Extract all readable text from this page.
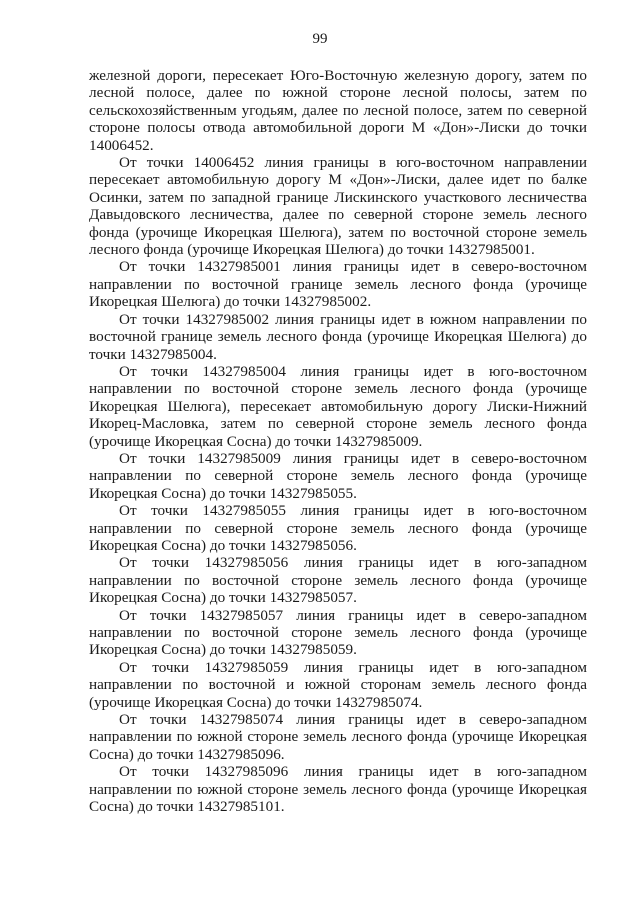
99

железной дороги, пересекает Юго-Восточную железную дорогу, затем по лесной полосе, далее по южной стороне лесной полосы, затем по сельскохозяйственным угодьям, далее по лесной полосе, затем по северной стороне полосы отвода автомобильной дороги М «Дон»-Лиски до точки 14006452.

От точки 14006452 линия границы в юго-восточном направлении пересекает автомобильную дорогу М «Дон»-Лиски, далее идет по балке Осинки, затем по западной границе Лискинского участкового лесничества Давыдовского лесничества, далее по северной стороне земель лесного фонда (урочище Икорецкая Шелюга), затем по восточной стороне земель лесного фонда (урочище Икорецкая Шелюга) до точки 14327985001.

От точки 14327985001 линия границы идет в северо-восточном направлении по восточной границе земель лесного фонда (урочище Икорецкая Шелюга) до точки 14327985002.

От точки 14327985002 линия границы идет в южном направлении по восточной границе земель лесного фонда (урочище Икорецкая Шелюга) до точки 14327985004.

От точки 14327985004 линия границы идет в юго-восточном направлении по восточной стороне земель лесного фонда (урочище Икорецкая Шелюга), пересекает автомобильную дорогу Лиски-Нижний Икорец-Масловка, затем по северной стороне земель лесного фонда (урочище Икорецкая Сосна) до точки 14327985009.

От точки 14327985009 линия границы идет в северо-восточном направлении по северной стороне земель лесного фонда (урочище Икорецкая Сосна) до точки 14327985055.

От точки 14327985055 линия границы идет в юго-восточном направлении по северной стороне земель лесного фонда (урочище Икорецкая Сосна) до точки 14327985056.

От точки 14327985056 линия границы идет в юго-западном направлении по восточной стороне земель лесного фонда (урочище Икорецкая Сосна) до точки 14327985057.

От точки 14327985057 линия границы идет в северо-западном направлении по восточной стороне земель лесного фонда (урочище Икорецкая Сосна) до точки 14327985059.

От точки 14327985059 линия границы идет в юго-западном направлении по восточной и южной сторонам земель лесного фонда (урочище Икорецкая Сосна) до точки 14327985074.

От точки 14327985074 линия границы идет в северо-западном направлении по южной стороне земель лесного фонда (урочище Икорецкая Сосна) до точки 14327985096.

От точки 14327985096 линия границы идет в юго-западном направлении по южной стороне земель лесного фонда (урочище Икорецкая Сосна) до точки 14327985101.
